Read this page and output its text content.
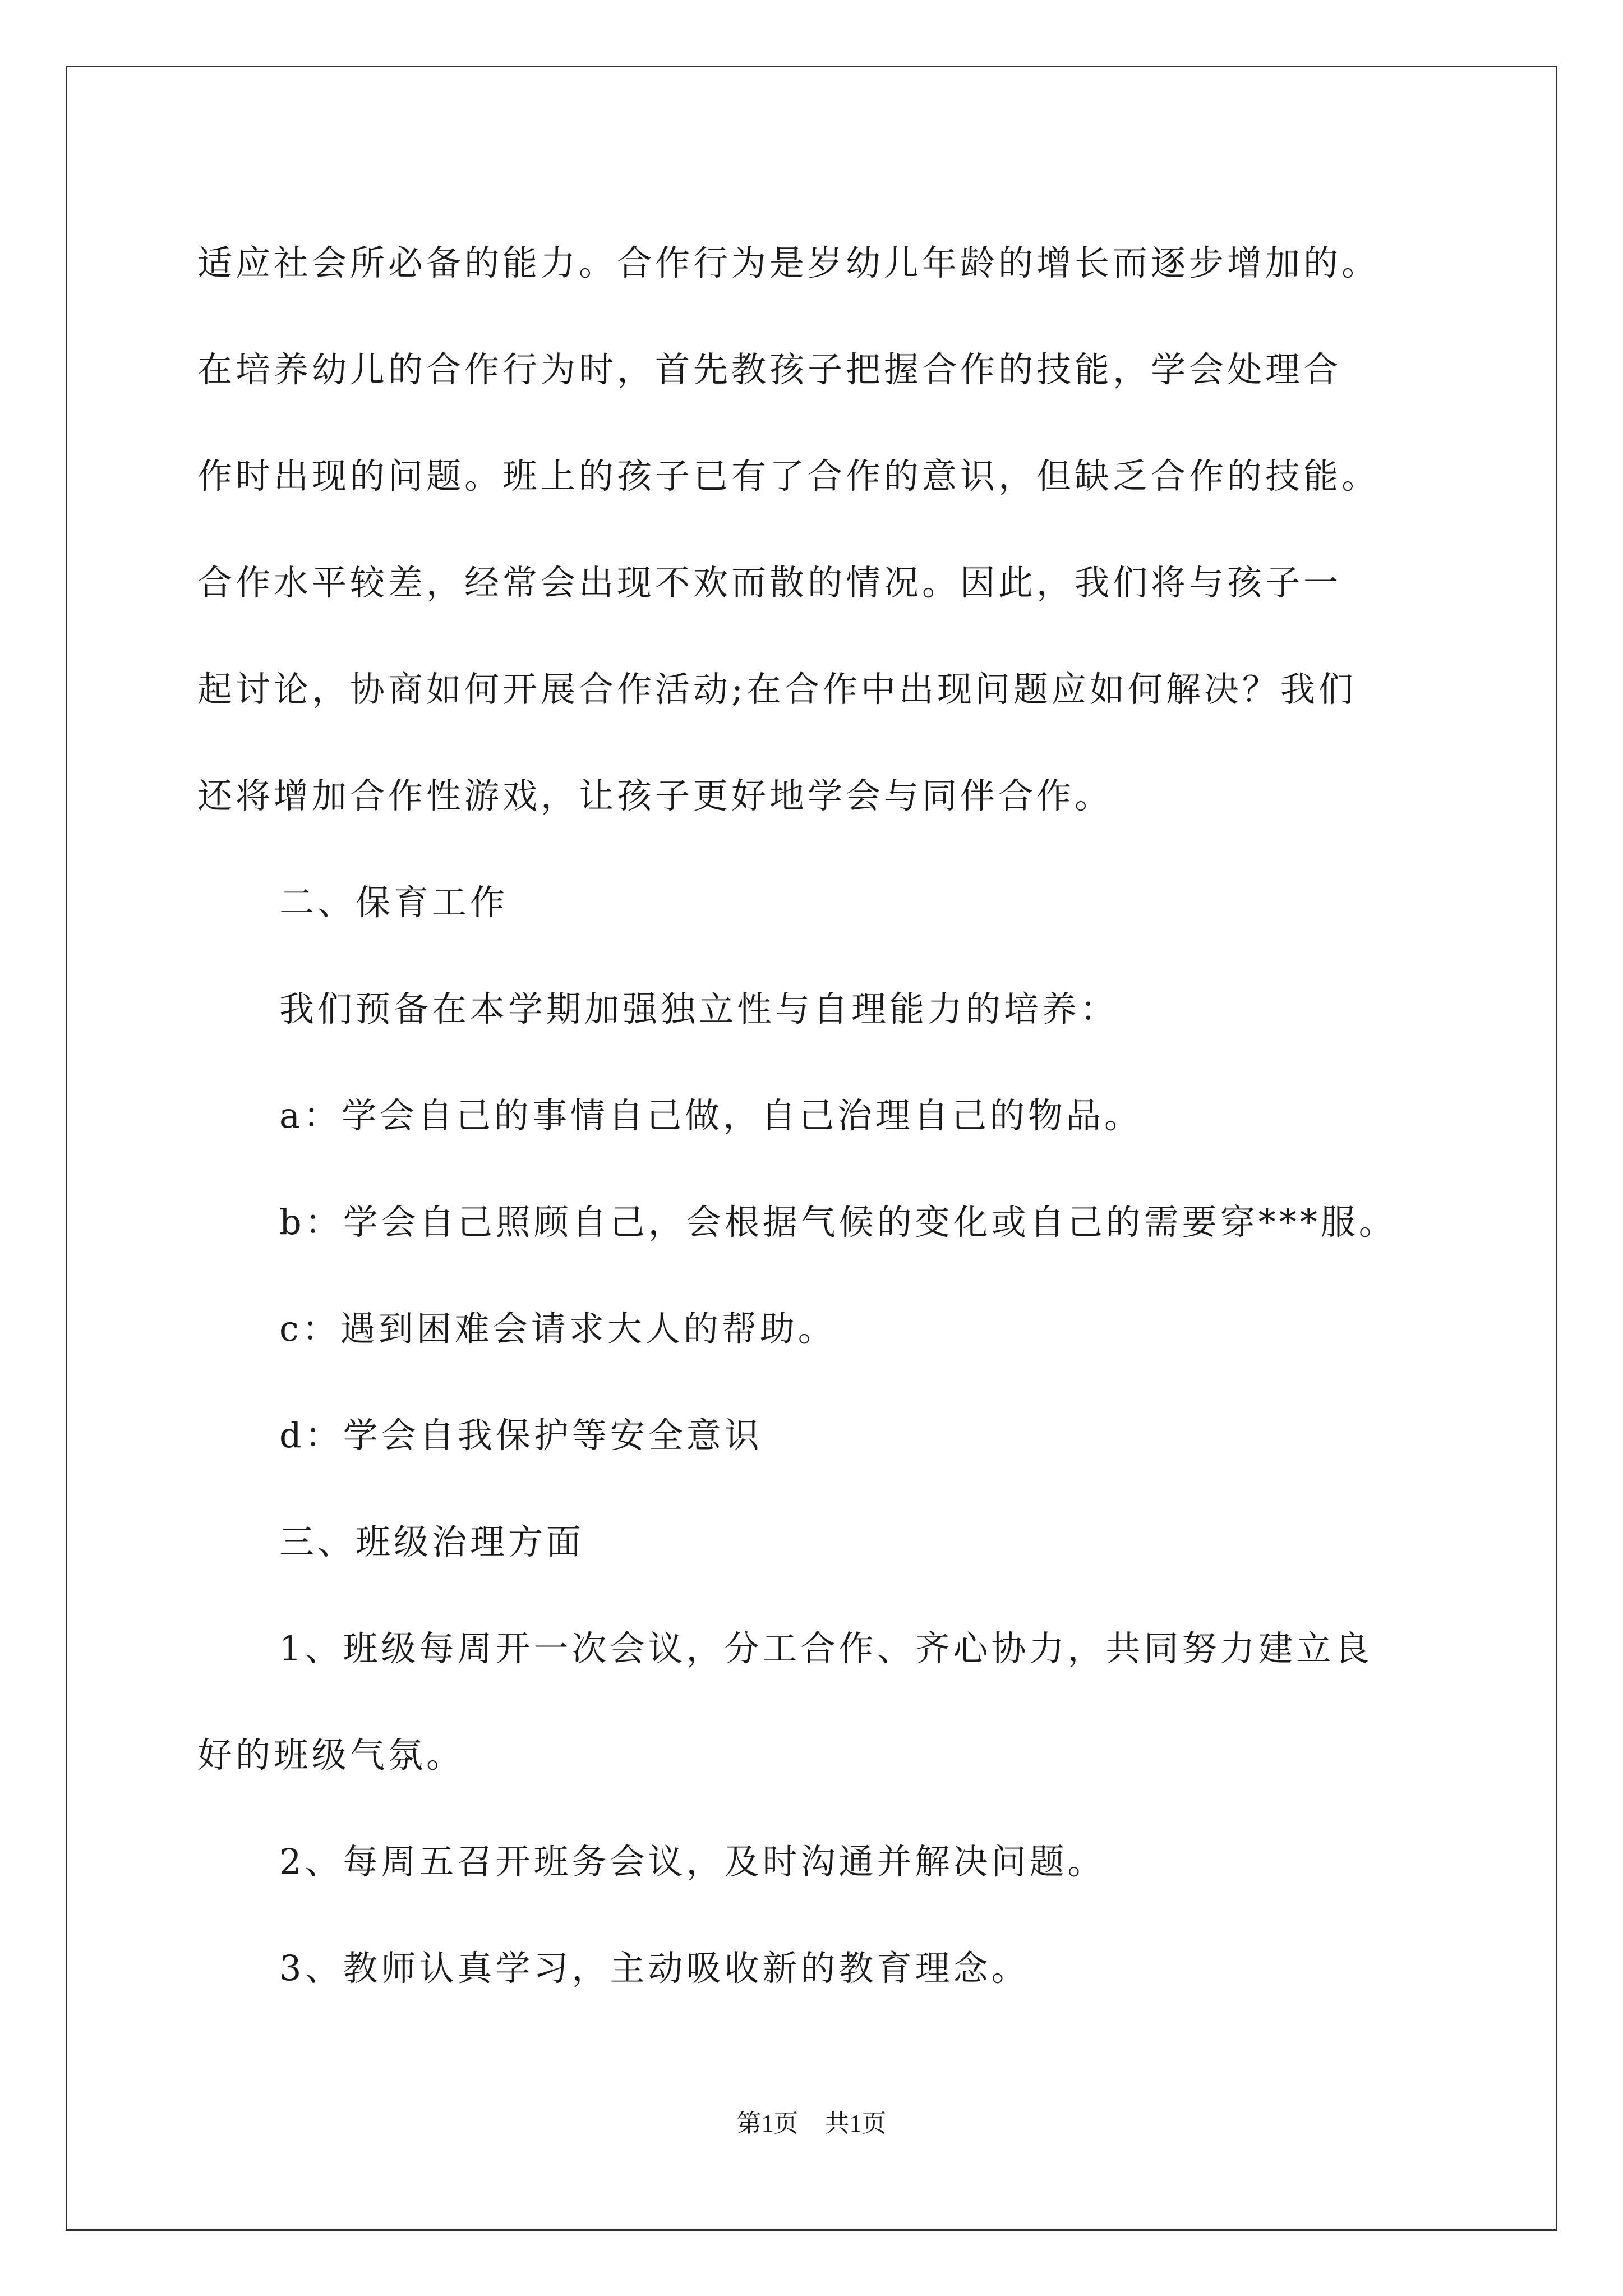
适应社会所必备的能力。合作行为是岁幼儿年龄的增长而逐步增加的。
在培养幼儿的合作行为时，首先教孩子把握合作的技能，学会处理合
作时出现的问题。班上的孩子已有了合作的意识，但缺乏合作的技能。
合作水平较差，经常会出现不欢而散的情况。因此，我们将与孩子一
起讨论，协商如何开展合作活动;在合作中出现问题应如何解决？我们
还将增加合作性游戏，让孩子更好地学会与同伴合作。
二、保育工作
我们预备在本学期加强独立性与自理能力的培养：
a：学会自己的事情自己做，自己治理自己的物品。
b：学会自己照顾自己，会根据气候的变化或自己的需要穿***服。
c：遇到困难会请求大人的帮助。
d：学会自我保护等安全意识
三、班级治理方面
1、班级每周开一次会议，分工合作、齐心协力，共同努力建立良
好的班级气氛。
2、每周五召开班务会议，及时沟通并解决问题。
3、教师认真学习，主动吸收新的教育理念。
第1页 共1页
